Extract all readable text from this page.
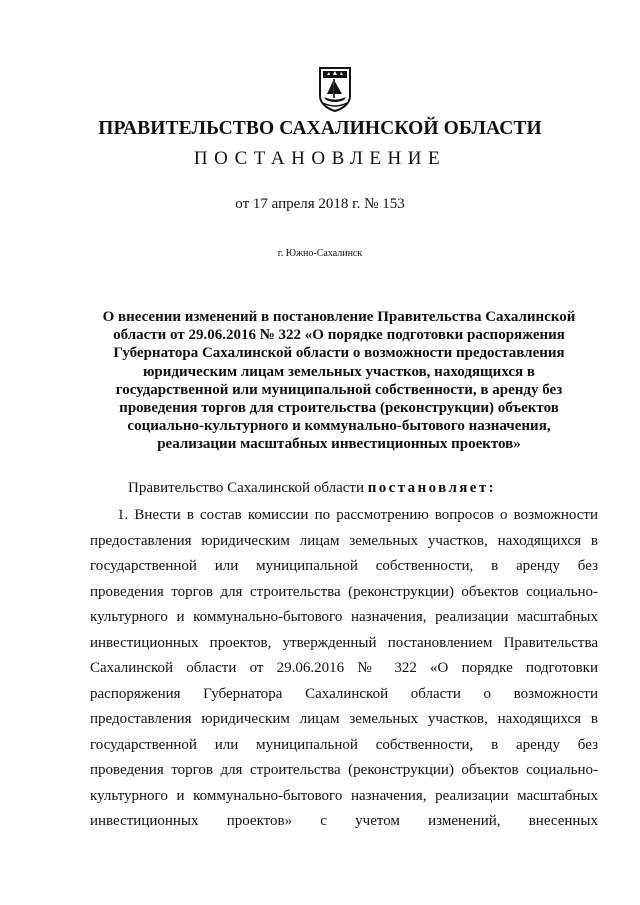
ПРАВИТЕЛЬСТВО САХАЛИНСКОЙ ОБЛАСТИ
ПОСТАНОВЛЕНИЕ
от 17 апреля 2018 г. № 153
г. Южно-Сахалинск
О внесении изменений в постановление Правительства Сахалинской
области от 29.06.2016 № 322 «О порядке подготовки распоряжения
Губернатора Сахалинской области о возможности предоставления
юридическим лицам земельных участков, находящихся в
государственной или муниципальной собственности, в аренду без
проведения торгов для строительства (реконструкции) объектов
социально-культурного и коммунально-бытового назначения,
реализации масштабных инвестиционных проектов»
Правительство Сахалинской области постановляет:
1. Внести в состав комиссии по рассмотрению вопросов о возможности
предоставления юридическим лицам земельных участков, находящихся в
государственной или муниципальной собственности, в аренду без
проведения торгов для строительства (реконструкции) объектов социально-
культурного и коммунально-бытового назначения, реализации масштабных
инвестиционных проектов, утвержденный постановлением Правительства
Сахалинской области от 29.06.2016 № 322 «О порядке подготовки
распоряжения Губернатора Сахалинской области о возможности
предоставления юридическим лицам земельных участков, находящихся в
государственной или муниципальной собственности, в аренду без
проведения торгов для строительства (реконструкции) объектов социально-
культурного и коммунально-бытового назначения, реализации масштабных
инвестиционных проектов» с учетом изменений, внесенных
